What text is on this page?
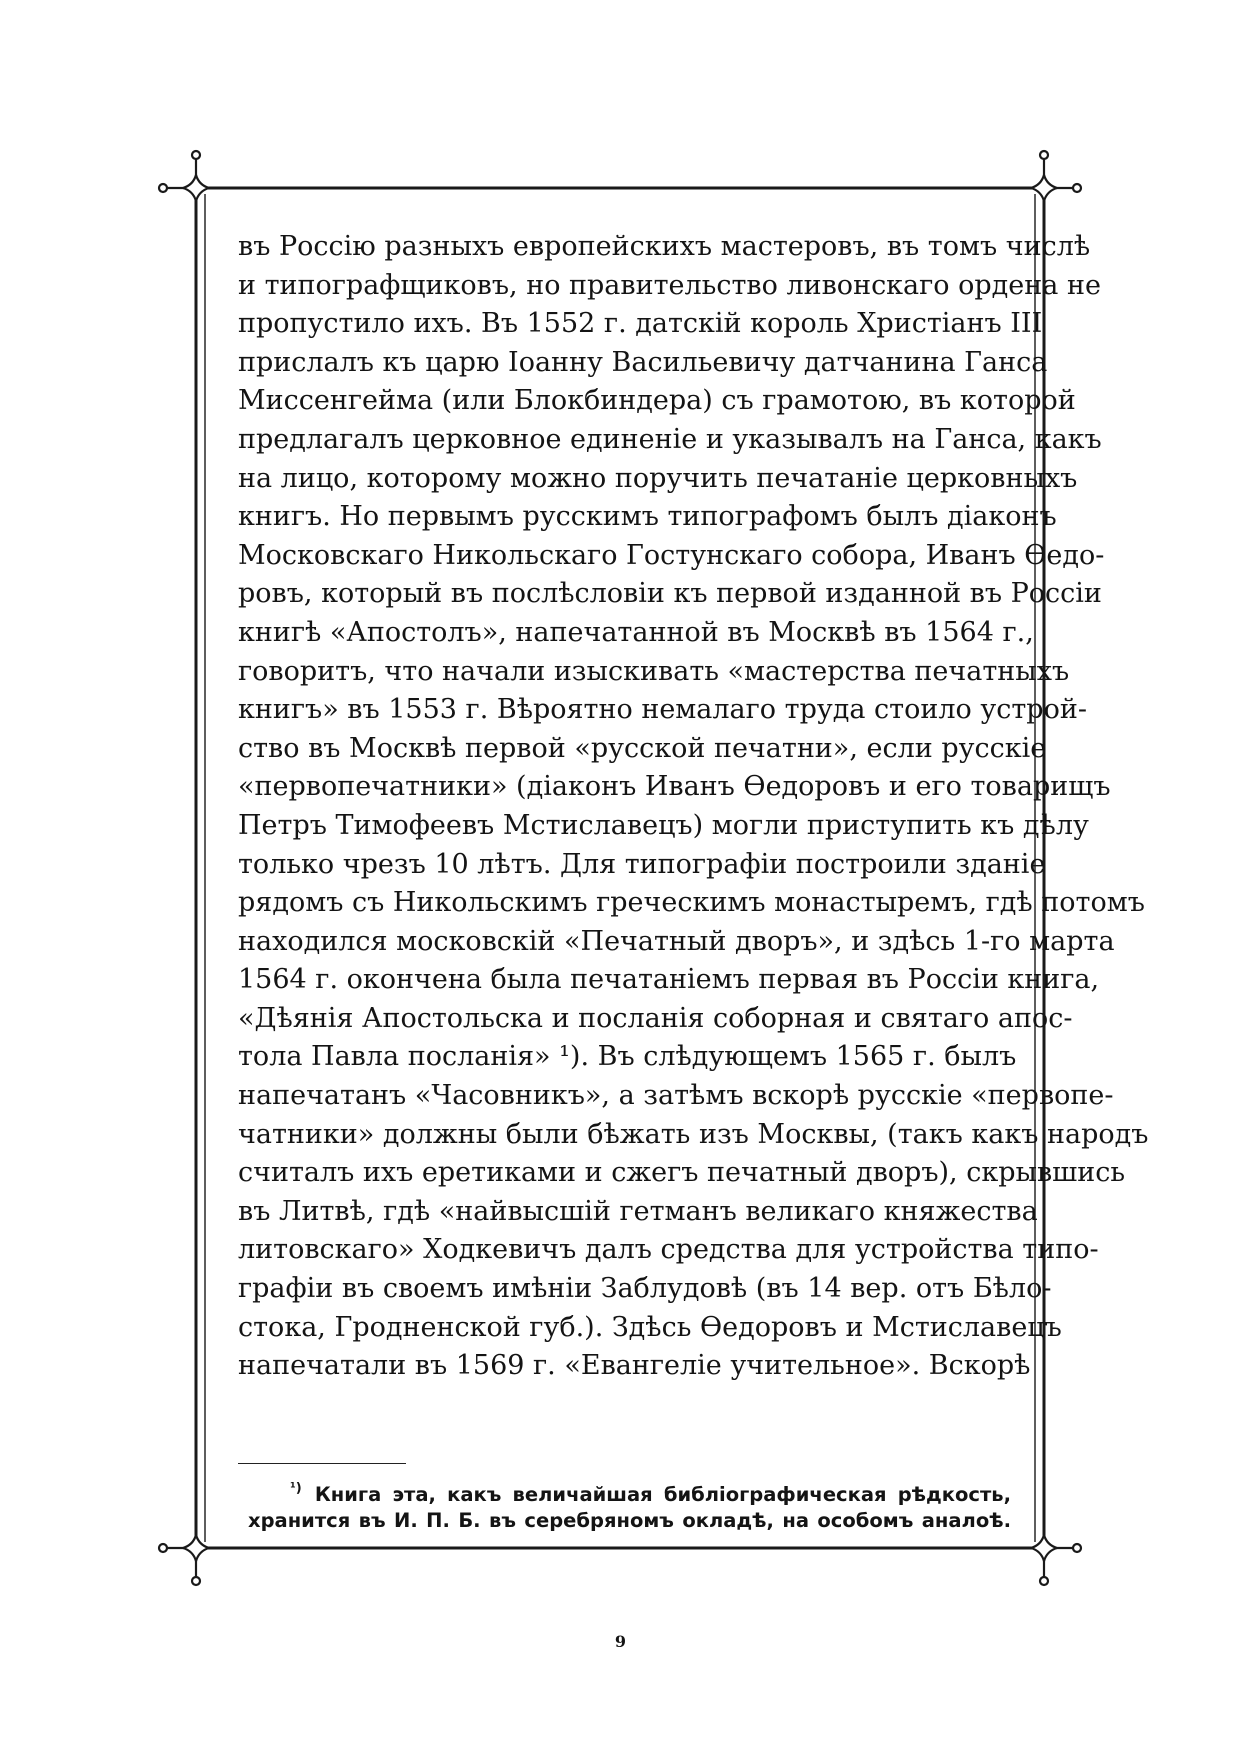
въ Россію разныхъ европейскихъ мастеровъ, въ томъ числѣ
и типографщиковъ, но правительство ливонскаго ордена не
пропустило ихъ. Въ 1552 г. датскій король Христіанъ III
прислалъ къ царю Іоанну Васильевичу датчанина Ганса
Миссенгейма (или Блокбиндера) съ грамотою, въ которой
предлагалъ церковное единеніе и указывалъ на Ганса, какъ
на лицо, которому можно поручить печатаніе церковныхъ
книгъ. Но первымъ русскимъ типографомъ былъ діаконъ
Московскаго Никольскаго Гостунскаго собора, Иванъ Ѳедо-
ровъ, который въ послѣсловіи къ первой изданной въ Россіи
книгѣ «Апостолъ», напечатанной въ Москвѣ въ 1564 г.,
говоритъ, что начали изыскивать «мастерства печатныхъ
книгъ» въ 1553 г. Вѣроятно немалаго труда стоило устрой-
ство въ Москвѣ первой «русской печатни», если русскіе
«первопечатники» (діаконъ Иванъ Ѳедоровъ и его товарищъ
Петръ Тимофеевъ Мстиславецъ) могли приступить къ дѣлу
только чрезъ 10 лѣтъ. Для типографіи построили зданіе
рядомъ съ Никольскимъ греческимъ монастыремъ, гдѣ потомъ
находился московскій «Печатный дворъ», и здѣсь 1-го марта
1564 г. окончена была печатаніемъ первая въ Россіи книга,
«Дѣянія Апостольска и посланія соборная и святаго апос-
тола Павла посланія» ¹). Въ слѣдующемъ 1565 г. былъ
напечатанъ «Часовникъ», а затѣмъ вскорѣ русскіе «первопе-
чатники» должны были бѣжать изъ Москвы, (такъ какъ народъ
считалъ ихъ еретиками и сжегъ печатный дворъ), скрывшись
въ Литвѣ, гдѣ «найвысшій гетманъ великаго княжества
литовскаго» Ходкевичъ далъ средства для устройства типо-
графіи въ своемъ имѣніи Заблудовѣ (въ 14 вер. отъ Бѣло-
стока, Гродненской губ.). Здѣсь Ѳедоровъ и Мстиславецъ
напечатали въ 1569 г. «Евангеліе учительное». Вскорѣ
$^{^1)}$ Книга эта, какъ величайшая библіографическая рѣдкость,
хранится въ И. П. Б. въ серебряномъ окладѣ, на особомъ аналоѣ.
9
